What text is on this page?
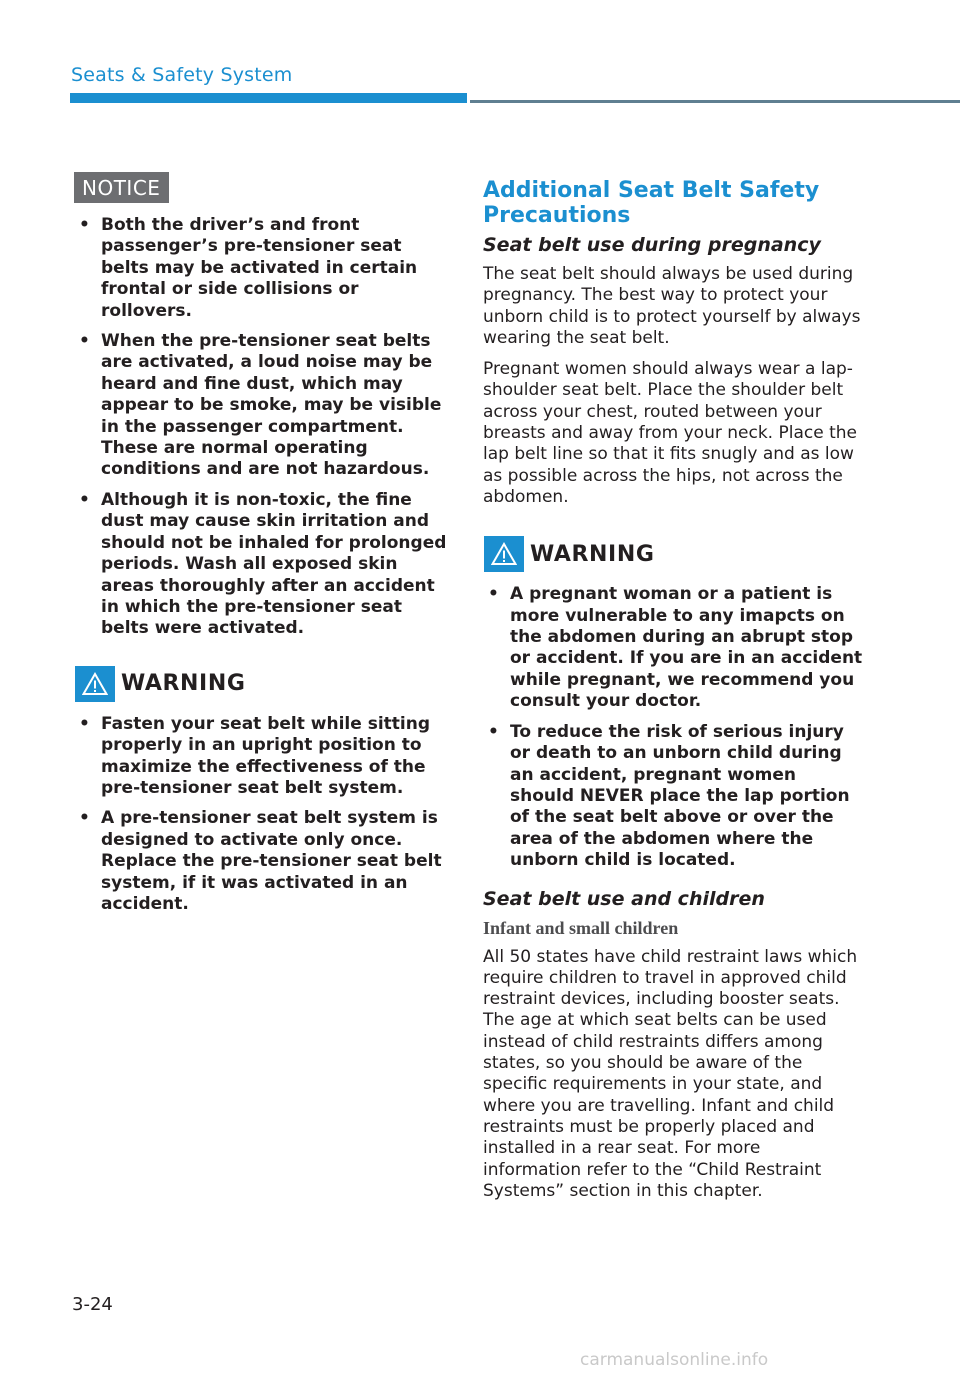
Seats & Safety System
NOTICE
• Both the driver’s and front passenger’s pre-tensioner seat belts may be activated in certain frontal or side collisions or rollovers.
• When the pre-tensioner seat belts are activated, a loud noise may be heard and fine dust, which may appear to be smoke, may be visible in the passenger compartment. These are normal operating conditions and are not hazardous.
• Although it is non-toxic, the fine dust may cause skin irritation and should not be inhaled for prolonged periods. Wash all exposed skin areas thoroughly after an accident in which the pre-tensioner seat belts were activated.
WARNING
• Fasten your seat belt while sitting properly in an upright position to maximize the effectiveness of the pre-tensioner seat belt system.
• A pre-tensioner seat belt system is designed to activate only once. Replace the pre-tensioner seat belt system, if it was activated in an accident.
Additional Seat Belt Safety Precautions
Seat belt use during pregnancy

The seat belt should always be used during pregnancy. The best way to protect your unborn child is to protect yourself by always wearing the seat belt.

Pregnant women should always wear a lap-shoulder seat belt. Place the shoulder belt across your chest, routed between your breasts and away from your neck. Place the lap belt line so that it fits snugly and as low as possible across the hips, not across the abdomen.

WARNING
• A pregnant woman or a patient is more vulnerable to any imapcts on the abdomen during an abrupt stop or accident. If you are in an accident while pregnant, we recommend you consult your doctor.
• To reduce the risk of serious injury or death to an unborn child during an accident, pregnant women should NEVER place the lap portion of the seat belt above or over the area of the abdomen where the unborn child is located.
Seat belt use and children
Infant and small children

All 50 states have child restraint laws which require children to travel in approved child restraint devices, including booster seats. The age at which seat belts can be used instead of child restraints differs among states, so you should be aware of the specific requirements in your state, and where you are travelling. Infant and child restraints must be properly placed and installed in a rear seat. For more information refer to the “Child Restraint Systems” section in this chapter.

3-24
carmanualsonline.info
